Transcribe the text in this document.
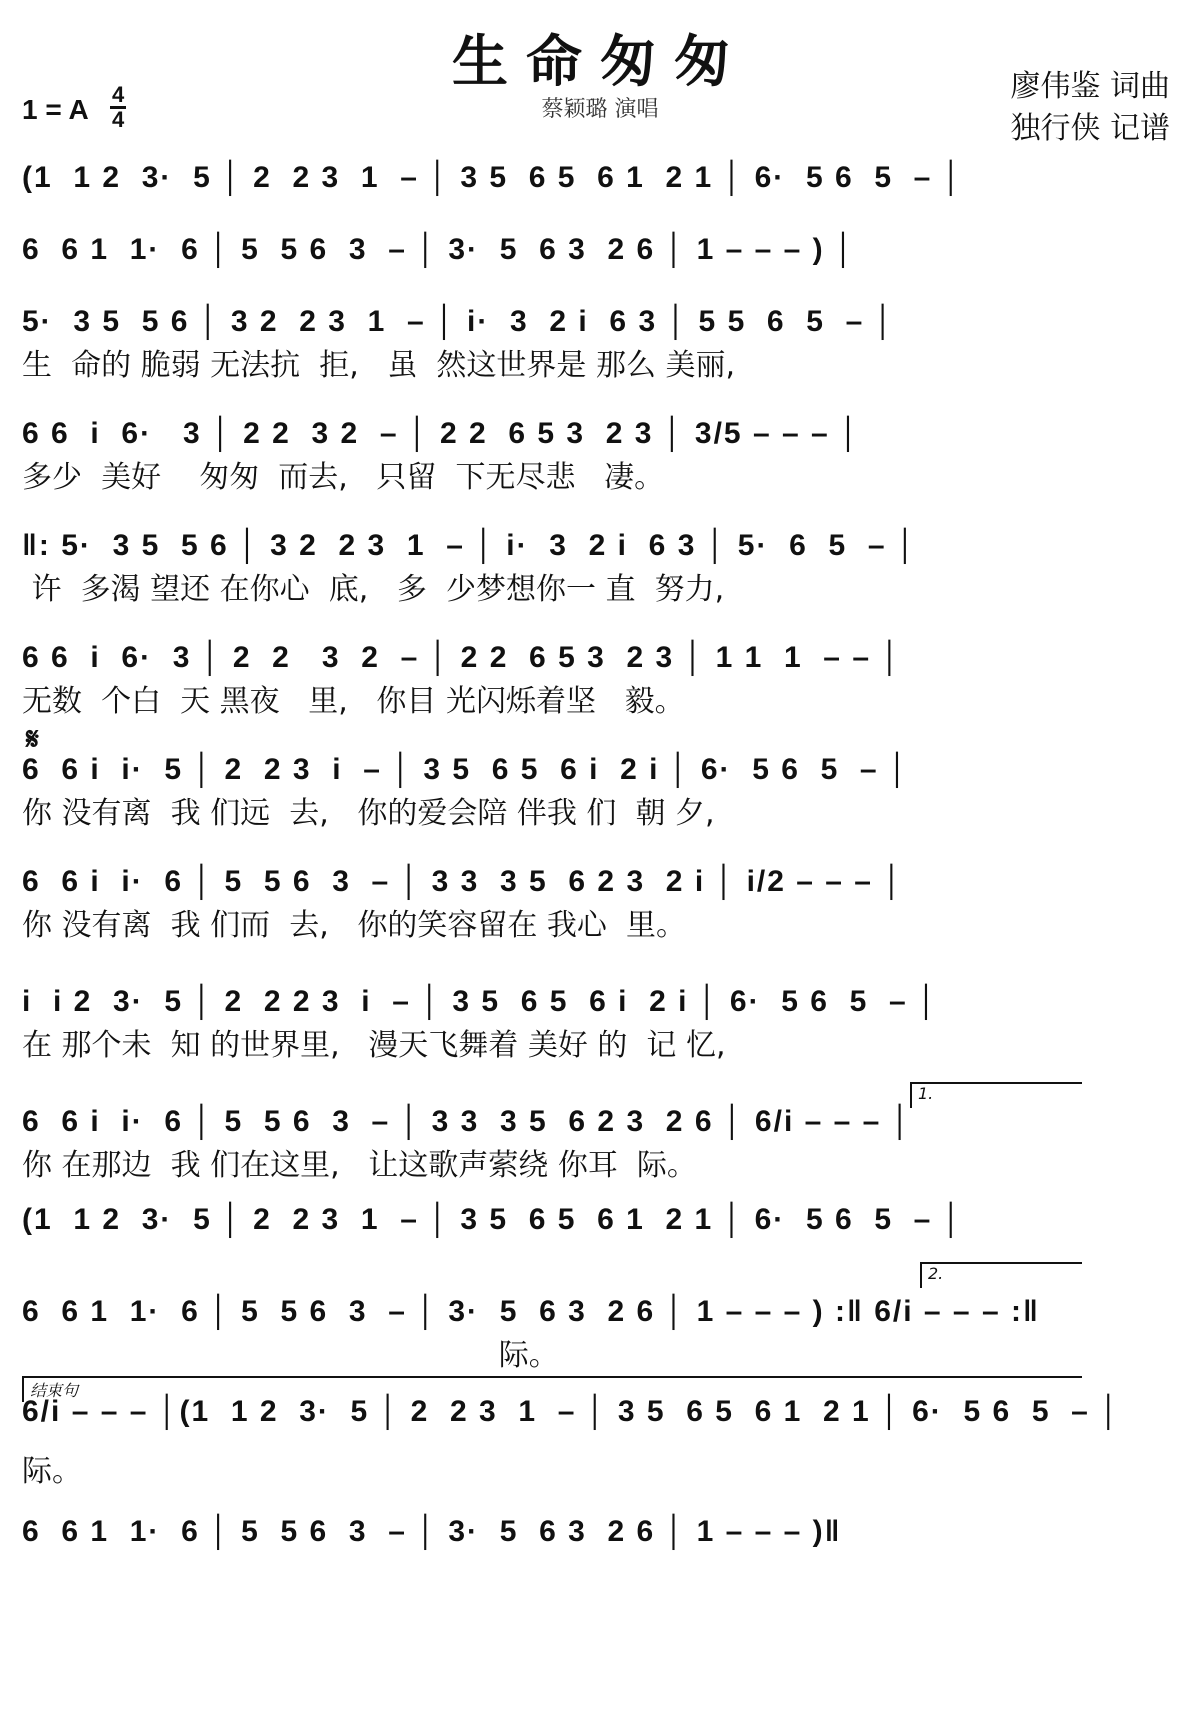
生命匆匆
蔡颖璐 演唱
廖伟鉴 词曲
独行侠 记谱
1 = A 4
4
𝄋
1.
2.
结束句
(1  1 2  3·  5 │ 2  2 3  1  – │ 3 5  6 5  6 1  2 1 │ 6·  5 6  5  – │
6  6 1  1·  6 │ 5  5 6  3  – │ 3·  5  6 3  2 6 │ 1 – – – ) │
5·  3 5  5 6 │ 3 2  2 3  1  – │ i·  3  2 i  6 3 │ 5 5  6  5  – │
生  命的 脆弱 无法抗  拒,   虽  然这世界是 那么 美丽,
6 6  i  6·   3 │ 2 2  3 2  – │ 2 2  6 5 3  2 3 │ 3/5 – – – │
多少  美好    匆匆  而去,   只留  下无尽悲   凄。
‖: 5·  3 5  5 6 │ 3 2  2 3  1  – │ i·  3  2 i  6 3 │ 5·  6  5  – │
许  多渴 望还 在你心  底,   多  少梦想你一 直  努力,
6 6  i  6·  3 │ 2  2   3  2  – │ 2 2  6 5 3  2 3 │ 1 1  1  – – │
无数  个白  天 黑夜   里,   你目 光闪烁着坚   毅。
6  6 i  i·  5 │ 2  2 3  i  – │ 3 5  6 5  6 i  2 i │ 6·  5 6  5  – │
你 没有离  我 们远  去,   你的爱会陪 伴我 们  朝 夕,
6  6 i  i·  6 │ 5  5 6  3  – │ 3 3  3 5  6 2 3  2 i │ i/2 – – – │
你 没有离  我 们而  去,   你的笑容留在 我心  里。
i  i 2  3·  5 │ 2  2 2 3  i  – │ 3 5  6 5  6 i  2 i │ 6·  5 6  5  – │
在 那个未  知 的世界里,   漫天飞舞着 美好 的  记 忆,
6  6 i  i·  6 │ 5  5 6  3  – │ 3 3  3 5  6 2 3  2 6 │ 6/i – – – │
你 在那边  我 们在这里,   让这歌声萦绕 你耳  际。
(1  1 2  3·  5 │ 2  2 3  1  – │ 3 5  6 5  6 1  2 1 │ 6·  5 6  5  – │
6  6 1  1·  6 │ 5  5 6  3  – │ 3·  5  6 3  2 6 │ 1 – – – ) :‖ 6/i – – – :‖
际。
6/i – – – │(1  1 2  3·  5 │ 2  2 3  1  – │ 3 5  6 5  6 1  2 1 │ 6·  5 6  5  – │
际。
6  6 1  1·  6 │ 5  5 6  3  – │ 3·  5  6 3  2 6 │ 1 – – – )‖
